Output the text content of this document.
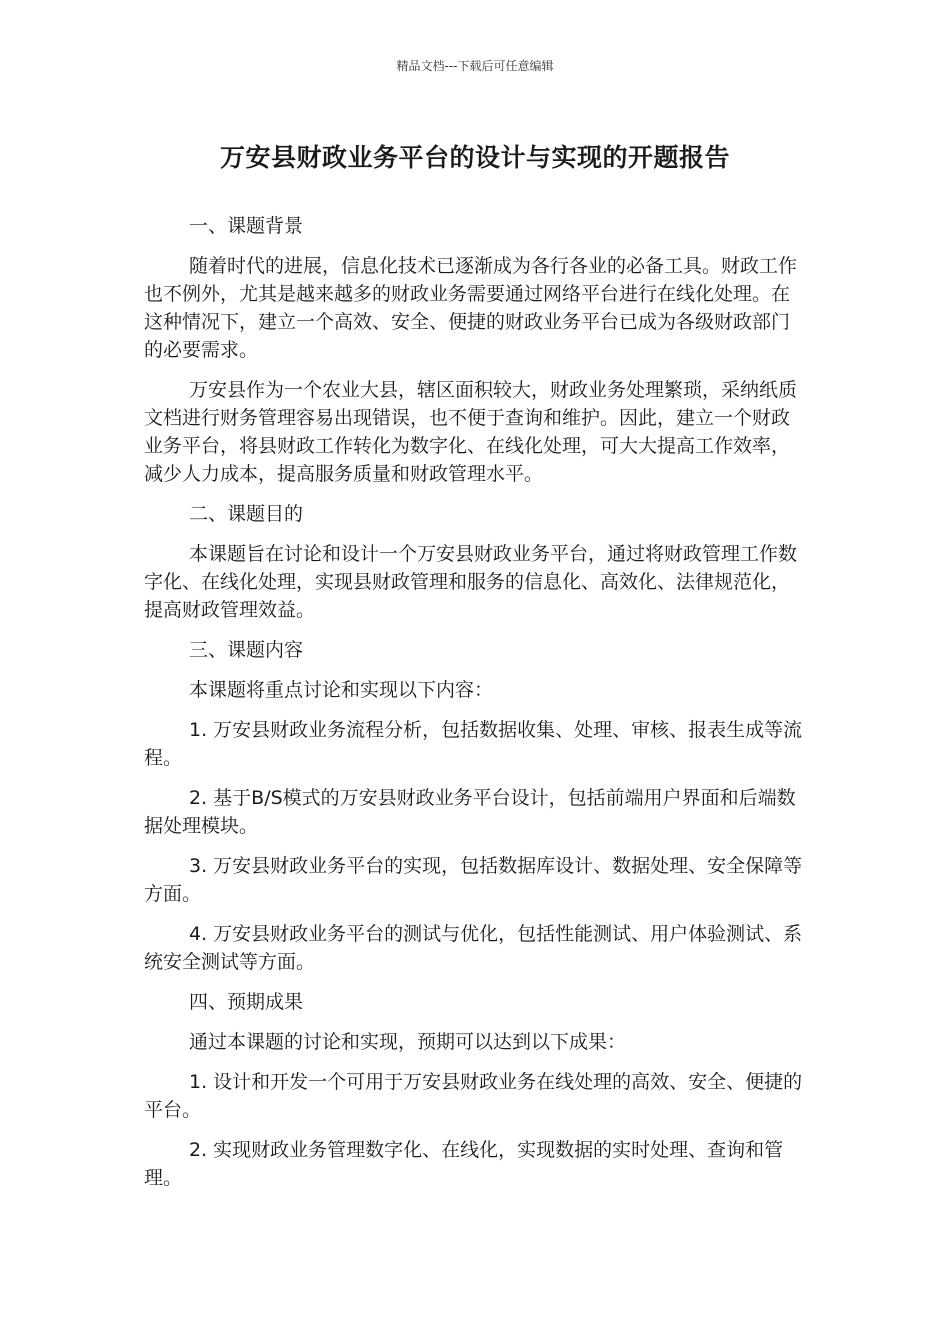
精品文档---下载后可任意编辑

万安县财政业务平台的设计与实现的开题报告

一、课题背景

随着时代的进展，信息化技术已逐渐成为各行各业的必备工具。财政工作也不例外，尤其是越来越多的财政业务需要通过网络平台进行在线化处理。在这种情况下，建立一个高效、安全、便捷的财政业务平台已成为各级财政部门的必要需求。

万安县作为一个农业大县，辖区面积较大，财政业务处理繁琐，采纳纸质文档进行财务管理容易出现错误，也不便于查询和维护。因此，建立一个财政业务平台，将县财政工作转化为数字化、在线化处理，可大大提高工作效率，减少人力成本，提高服务质量和财政管理水平。

二、课题目的

本课题旨在讨论和设计一个万安县财政业务平台，通过将财政管理工作数字化、在线化处理，实现县财政管理和服务的信息化、高效化、法律规范化，提高财政管理效益。

三、课题内容

本课题将重点讨论和实现以下内容：

1. 万安县财政业务流程分析，包括数据收集、处理、审核、报表生成等流程。

2. 基于B/S模式的万安县财政业务平台设计，包括前端用户界面和后端数据处理模块。

3. 万安县财政业务平台的实现，包括数据库设计、数据处理、安全保障等方面。

4. 万安县财政业务平台的测试与优化，包括性能测试、用户体验测试、系统安全测试等方面。

四、预期成果

通过本课题的讨论和实现，预期可以达到以下成果：

1. 设计和开发一个可用于万安县财政业务在线处理的高效、安全、便捷的平台。

2. 实现财政业务管理数字化、在线化，实现数据的实时处理、查询和管理。
